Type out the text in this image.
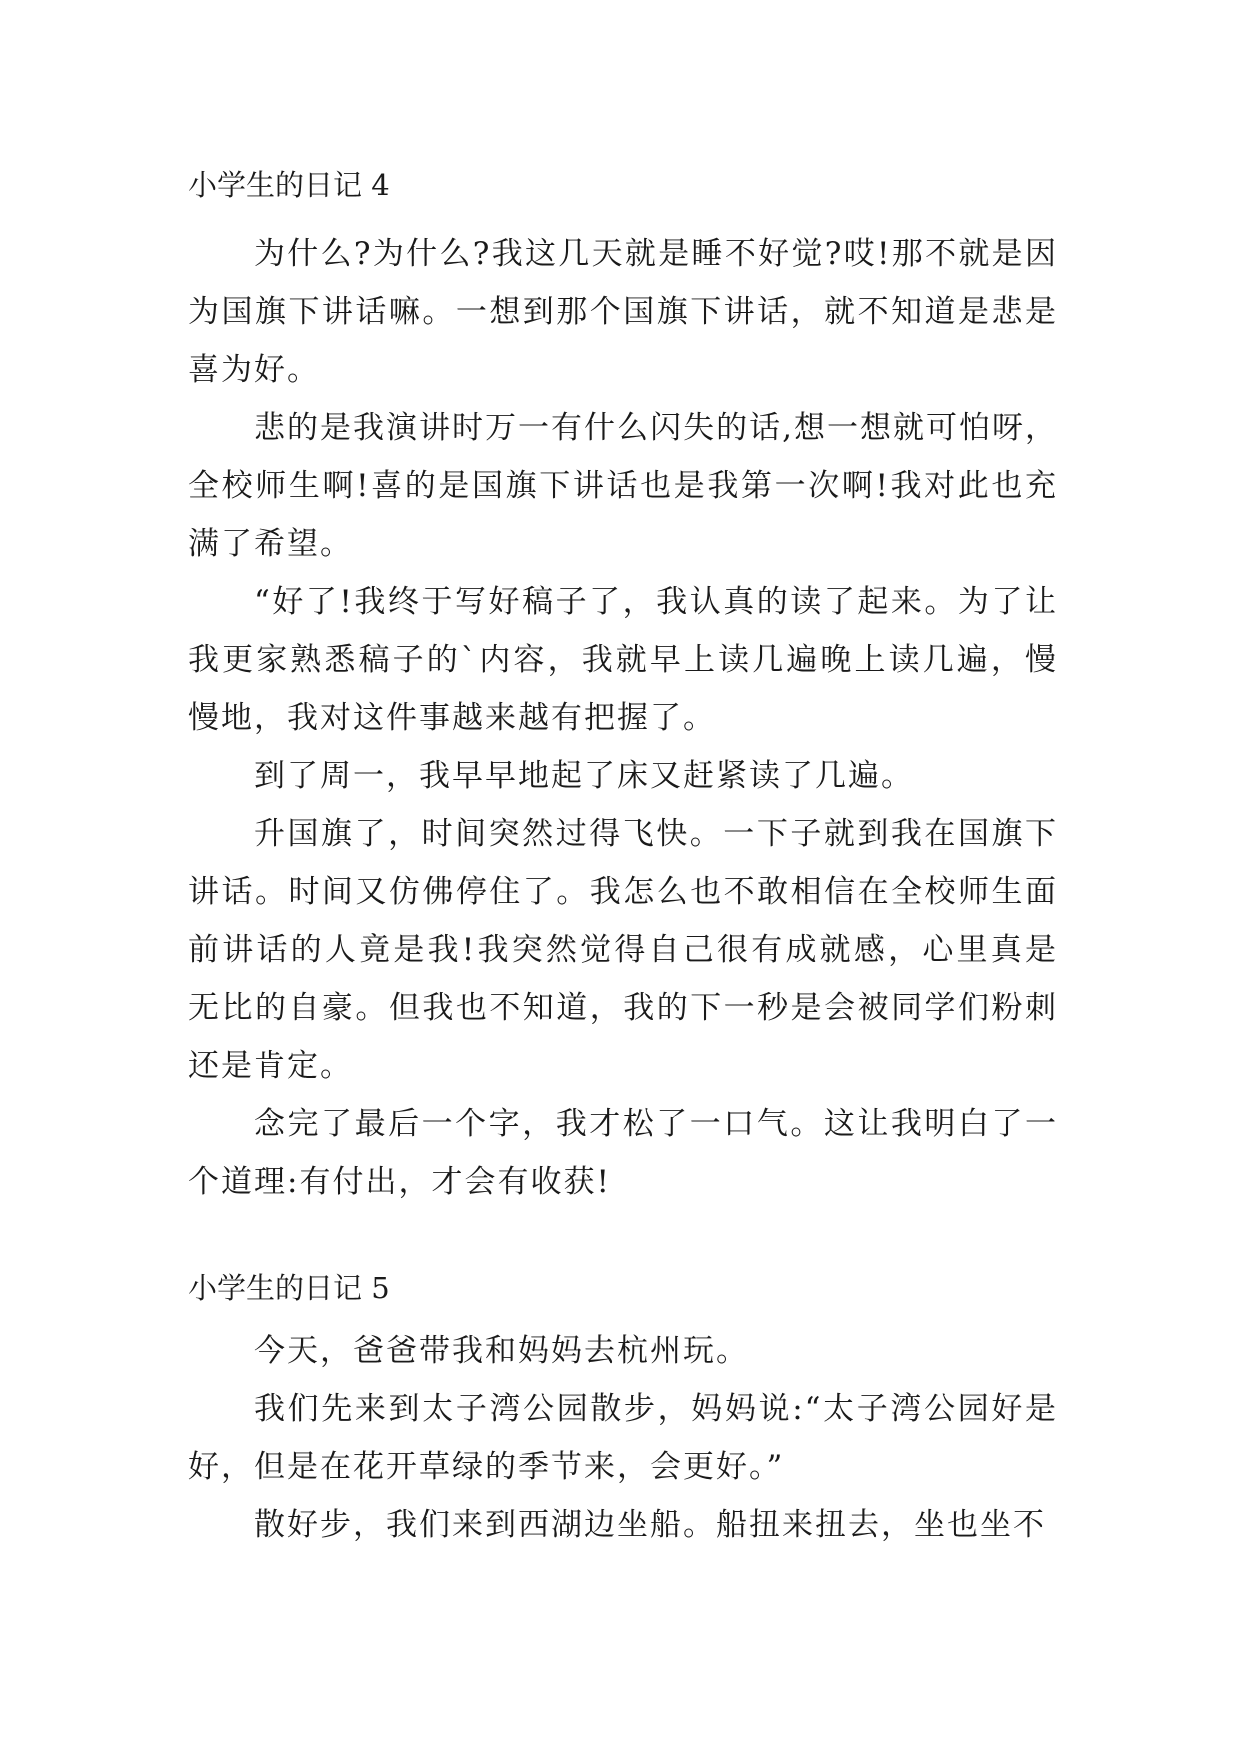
小学生的日记 4

为什么?为什么?我这几天就是睡不好觉?哎!那不就是因为国旗下讲话嘛。一想到那个国旗下讲话，就不知道是悲是喜为好。

悲的是我演讲时万一有什么闪失的话,想一想就可怕呀，全校师生啊!喜的是国旗下讲话也是我第一次啊!我对此也充满了希望。

“好了!我终于写好稿子了，我认真的读了起来。为了让我更家熟悉稿子的`内容，我就早上读几遍晚上读几遍，慢慢地，我对这件事越来越有把握了。

到了周一，我早早地起了床又赶紧读了几遍。

升国旗了，时间突然过得飞快。一下子就到我在国旗下讲话。时间又仿佛停住了。我怎么也不敢相信在全校师生面前讲话的人竟是我!我突然觉得自己很有成就感，心里真是无比的自豪。但我也不知道，我的下一秒是会被同学们粉刺还是肯定。

念完了最后一个字，我才松了一口气。这让我明白了一个道理:有付出，才会有收获!

小学生的日记 5

今天，爸爸带我和妈妈去杭州玩。

我们先来到太子湾公园散步，妈妈说:“太子湾公园好是好，但是在花开草绿的季节来，会更好。”

散好步，我们来到西湖边坐船。船扭来扭去，坐也坐不
